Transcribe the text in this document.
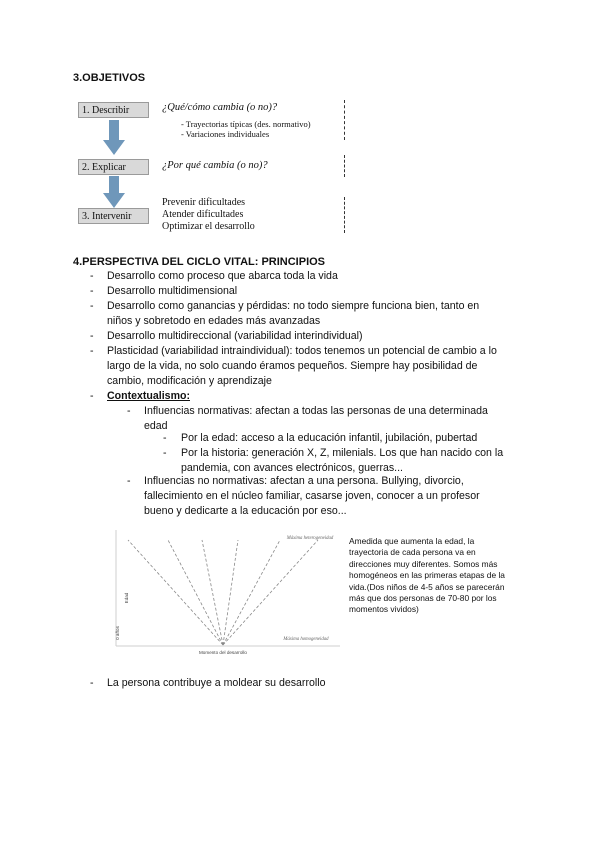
3.OBJETIVOS
1. Describir
2. Explicar
3. Intervenir
¿Qué/cómo cambia (o no)?
- Trayectorias típicas (des. normativo)
- Variaciones individuales
¿Por qué cambia (o no)?
Prevenir dificultades
Atender dificultades
Optimizar el desarrollo
4.PERSPECTIVA DEL CICLO VITAL: PRINCIPIOS
- Desarrollo como proceso que abarca toda la vida
- Desarrollo multidimensional
- Desarrollo como ganancias y pérdidas: no todo siempre funciona bien, tanto en
niños y sobretodo en edades más avanzadas
- Desarrollo multidireccional (variabilidad interindividual)
- Plasticidad (variabilidad intraindividual): todos tenemos un potencial de cambio a lo
largo de la vida, no solo cuando éramos pequeños. Siempre hay posibilidad de
cambio, modificación y aprendizaje
- Contextualismo:
- Influencias normativas: afectan a todas las personas de una determinada
edad
- Por la edad: acceso a la educación infantil, jubilación, pubertad
- Por la historia: generación X, Z, milenials. Los que han nacido con la
pandemia, con avances electrónicos, guerras...
- Influencias no normativas: afectan a una persona. Bullying, divorcio,
fallecimiento en el núcleo familiar, casarse joven, conocer a un profesor
bueno y dedicarte a la educación por eso...
Máxima heterogeneidad
Máxima homogeneidad
Momento del desarrollo
Edad
0 años
Amedida que aumenta la edad, la
trayectoria de cada persona va en
direcciones muy diferentes. Somos más
homogéneos en las primeras etapas de la
vida.(Dos niños de 4-5 años se parecerán
más que dos personas de 70-80 por los
momentos vividos)
- La persona contribuye a moldear su desarrollo
